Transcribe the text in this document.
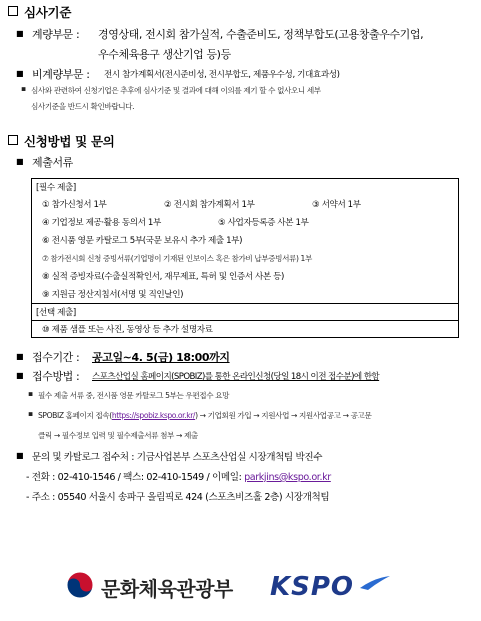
심사기준
■ 계량부문 : 경영상태, 전시회 참가실적, 수출준비도, 정책부합도(고용창출우수기업,
우수체육용구 생산기업 등)등
■ 비계량부문 : 전시 참가계획서(전시준비성, 전시부합도, 제품우수성, 기대효과성)
▪ 심사와 관련하여 신청기업은 추후에 심사기준 및 결과에 대해 이의를 제기 할 수 없사오니 세부
심사기준을 반드시 확인바랍니다.
신청방법 및 문의
■ 제출서류
[필수 제출]
① 참가신청서 1부	② 전시회 참가계획서 1부	③ 서약서 1부
④ 기업정보 제공·활용 동의서 1부	⑤ 사업자등록증 사본 1부
⑥ 전시품 영문 카탈로그 5부(국문 보유시 추가 제출 1부)
⑦ 참가전시회 신청 증빙서류(기업명이 기재된 인보이스 혹은 참가비 납부증빙서류) 1부
⑧ 실적 증빙자료(수출실적확인서, 재무제표, 특허 및 인증서 사본 등)
⑨ 지원금 정산지침서(서명 및 직인날인)
[선택 제출]
⑩ 제품 샘플 또는 사진, 동영상 등 추가 설명자료
■ 접수기간 : 공고일~4. 5(금) 18:00까지
■ 접수방법 : 스포츠산업실 홈페이지(SPOBIZ)를 통한 온라인신청(당일 18시 이전 접수분)에 한함
▪ 필수 제출 서류 중, 전시품 영문 카탈로그 5부는 우편접수 요망
▪ SPOBIZ 홈페이지 접속(https://spobiz.kspo.or.kr/) → 기업회원 가입 → 지원사업 → 지원사업공고 → 공고문
클릭 → 필수정보 입력 및 필수제출서류 첨부 → 제출
■ 문의 및 카탈로그 접수처 : 기금사업본부 스포츠산업실 시장개척팀 박진수
- 전화 : 02-410-1546 / 팩스: 02-410-1549 / 이메일: parkjins@kspo.or.kr
- 주소 : 05540 서울시 송파구 올림픽로 424 (스포츠비즈홀 2층) 시장개척팀
문화체육관광부 KSPO
